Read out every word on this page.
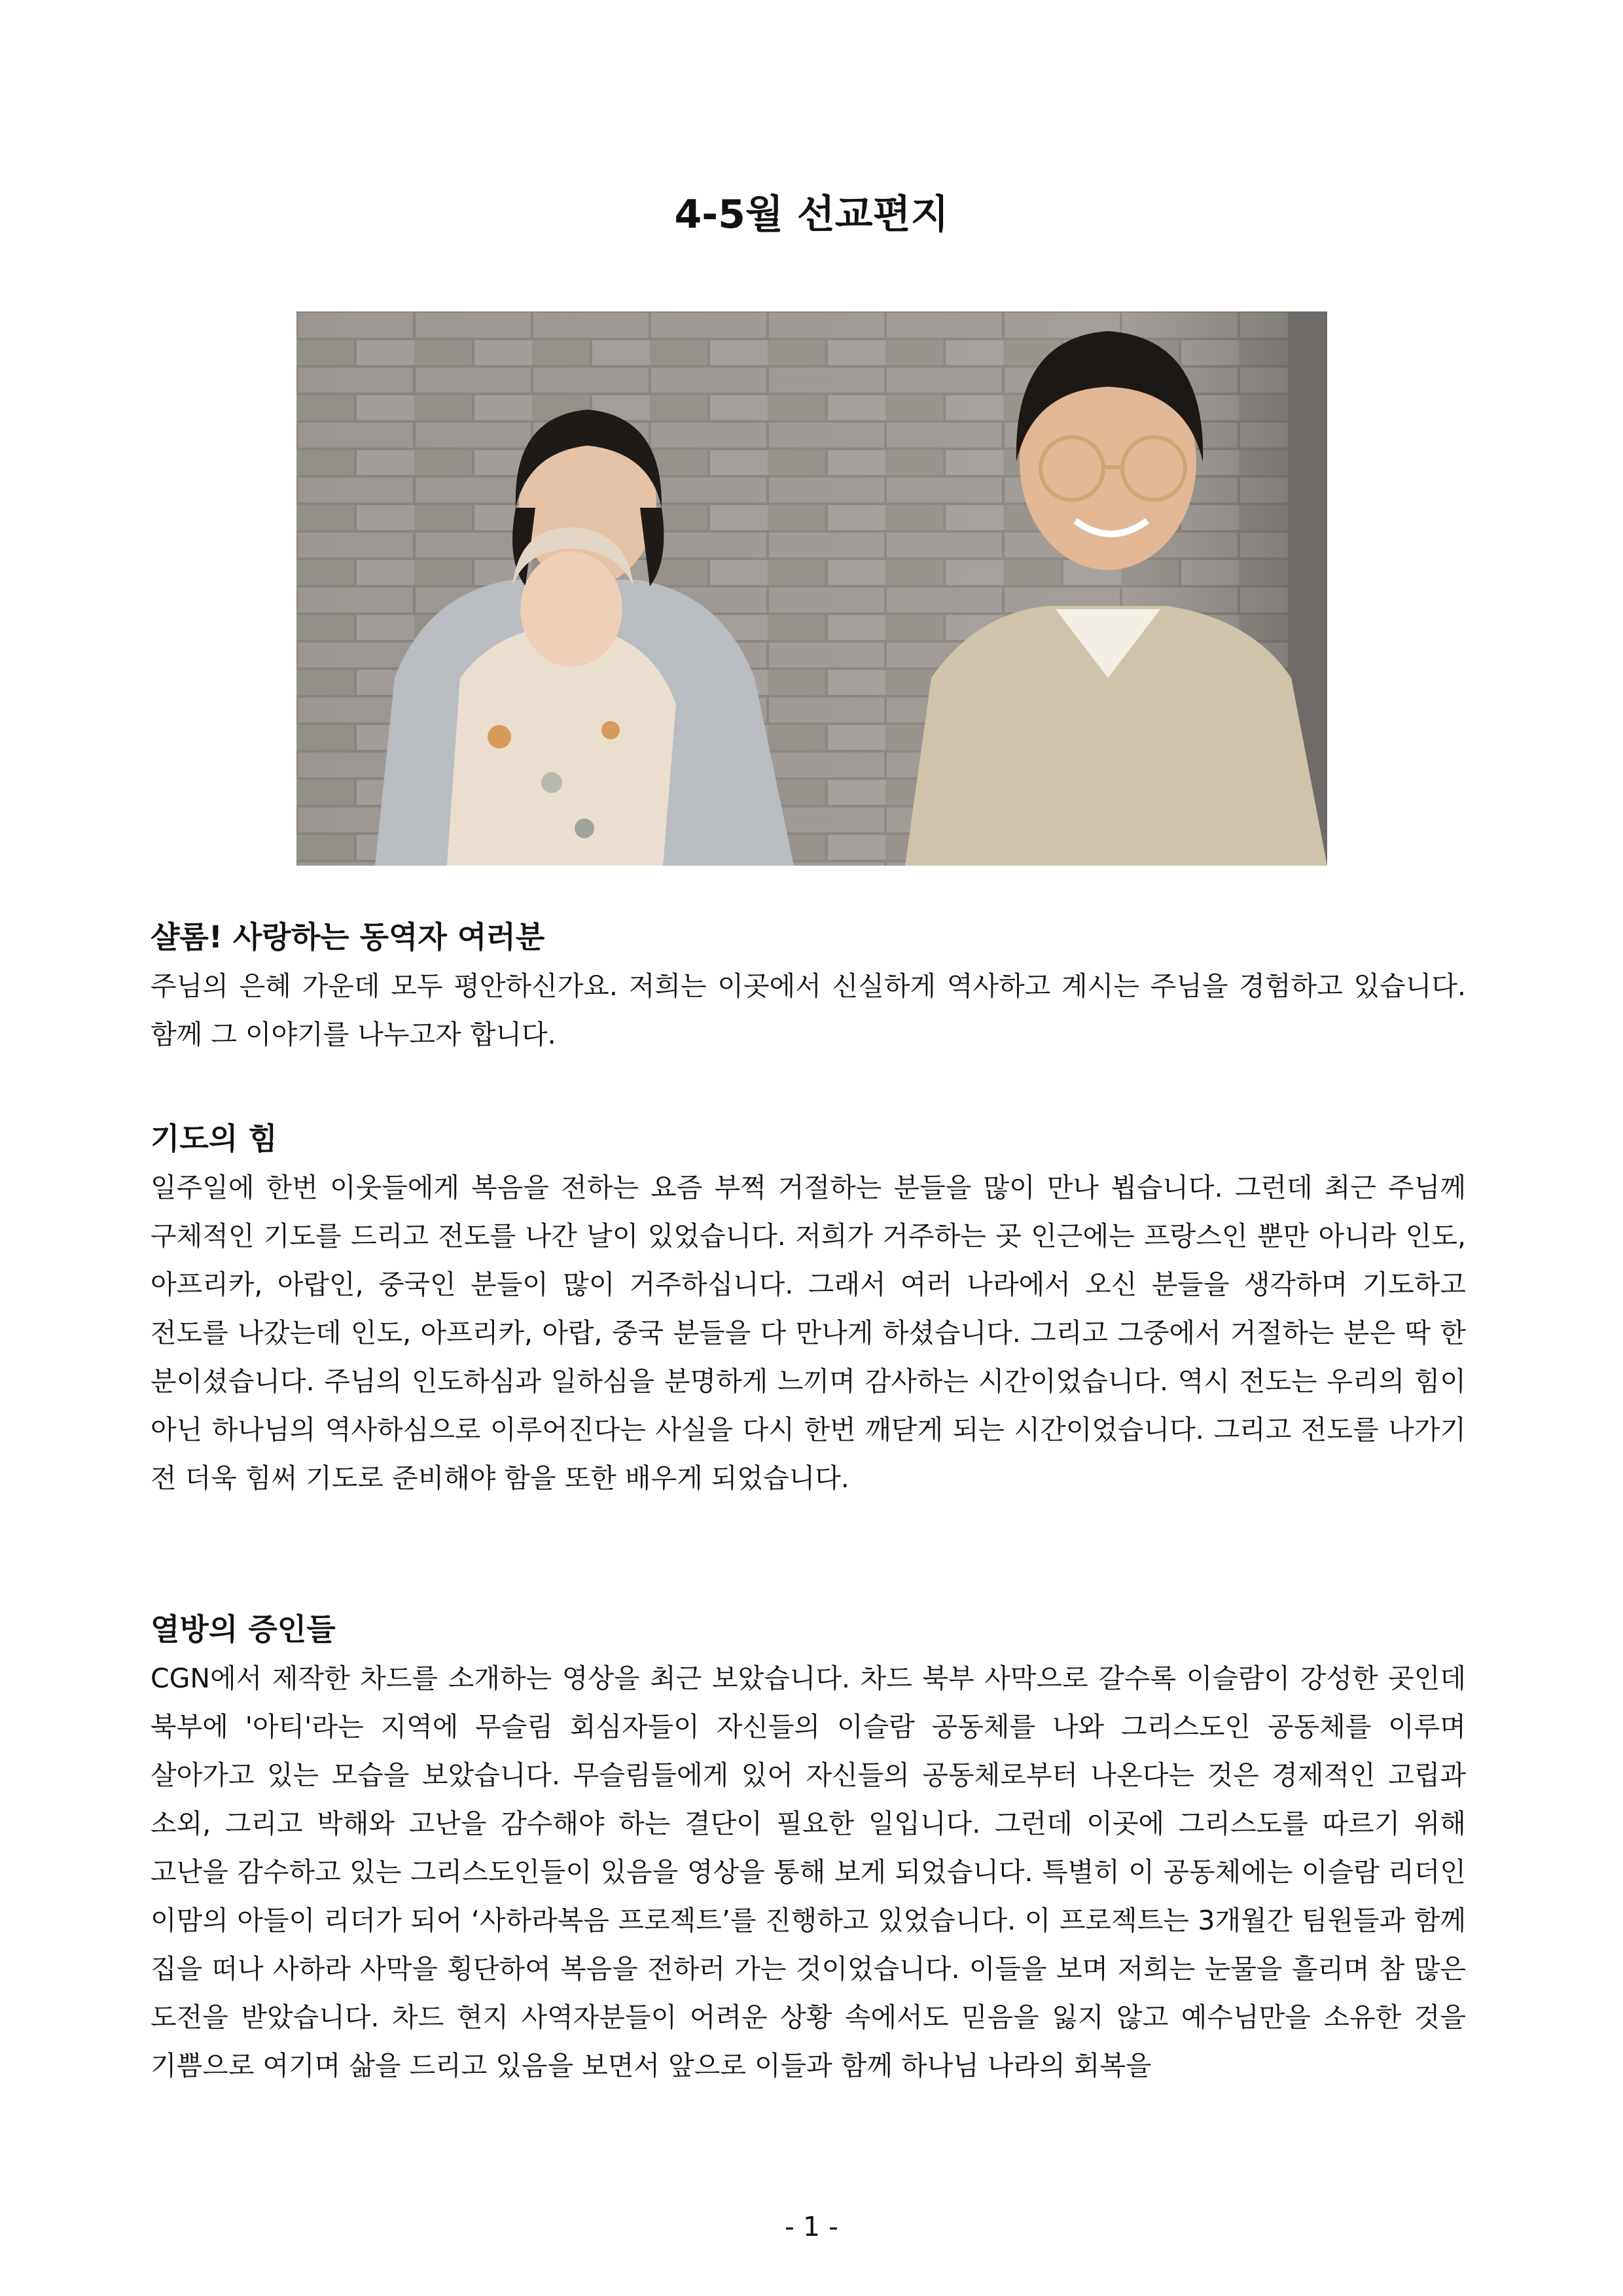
4-5월 선교편지
샬롬! 사랑하는 동역자 여러분

주님의 은혜 가운데 모두 평안하신가요. 저희는 이곳에서 신실하게 역사하고 계시는 주님을 경험하고 있습니다. 함께 그 이야기를 나누고자 합니다.

기도의 힘

일주일에 한번 이웃들에게 복음을 전하는 요즘 부쩍 거절하는 분들을 많이 만나 뵙습니다. 그런데 최근 주님께 구체적인 기도를 드리고 전도를 나간 날이 있었습니다. 저희가 거주하는 곳 인근에는 프랑스인 뿐만 아니라 인도, 아프리카, 아랍인, 중국인 분들이 많이 거주하십니다. 그래서 여러 나라에서 오신 분들을 생각하며 기도하고 전도를 나갔는데 인도, 아프리카, 아랍, 중국 분들을 다 만나게 하셨습니다. 그리고 그중에서 거절하는 분은 딱 한 분이셨습니다. 주님의 인도하심과 일하심을 분명하게 느끼며 감사하는 시간이었습니다. 역시 전도는 우리의 힘이 아닌 하나님의 역사하심으로 이루어진다는 사실을 다시 한번 깨닫게 되는 시간이었습니다. 그리고 전도를 나가기 전 더욱 힘써 기도로 준비해야 함을 또한 배우게 되었습니다.

열방의 증인들

CGN에서 제작한 차드를 소개하는 영상을 최근 보았습니다. 차드 북부 사막으로 갈수록 이슬람이 강성한 곳인데 북부에 '아티'라는 지역에 무슬림 회심자들이 자신들의 이슬람 공동체를 나와 그리스도인 공동체를 이루며 살아가고 있는 모습을 보았습니다. 무슬림들에게 있어 자신들의 공동체로부터 나온다는 것은 경제적인 고립과 소외, 그리고 박해와 고난을 감수해야 하는 결단이 필요한 일입니다. 그런데 이곳에 그리스도를 따르기 위해 고난을 감수하고 있는 그리스도인들이 있음을 영상을 통해 보게 되었습니다. 특별히 이 공동체에는 이슬람 리더인 이맘의 아들이 리더가 되어 ‘사하라복음 프로젝트’를 진행하고 있었습니다. 이 프로젝트는 3개월간 팀원들과 함께 집을 떠나 사하라 사막을 횡단하여 복음을 전하러 가는 것이었습니다. 이들을 보며 저희는 눈물을 흘리며 참 많은 도전을 받았습니다. 차드 현지 사역자분들이 어려운 상황 속에서도 믿음을 잃지 않고 예수님만을 소유한 것을 기쁨으로 여기며 삶을 드리고 있음을 보면서 앞으로 이들과 함께 하나님 나라의 회복을

- 1 -
